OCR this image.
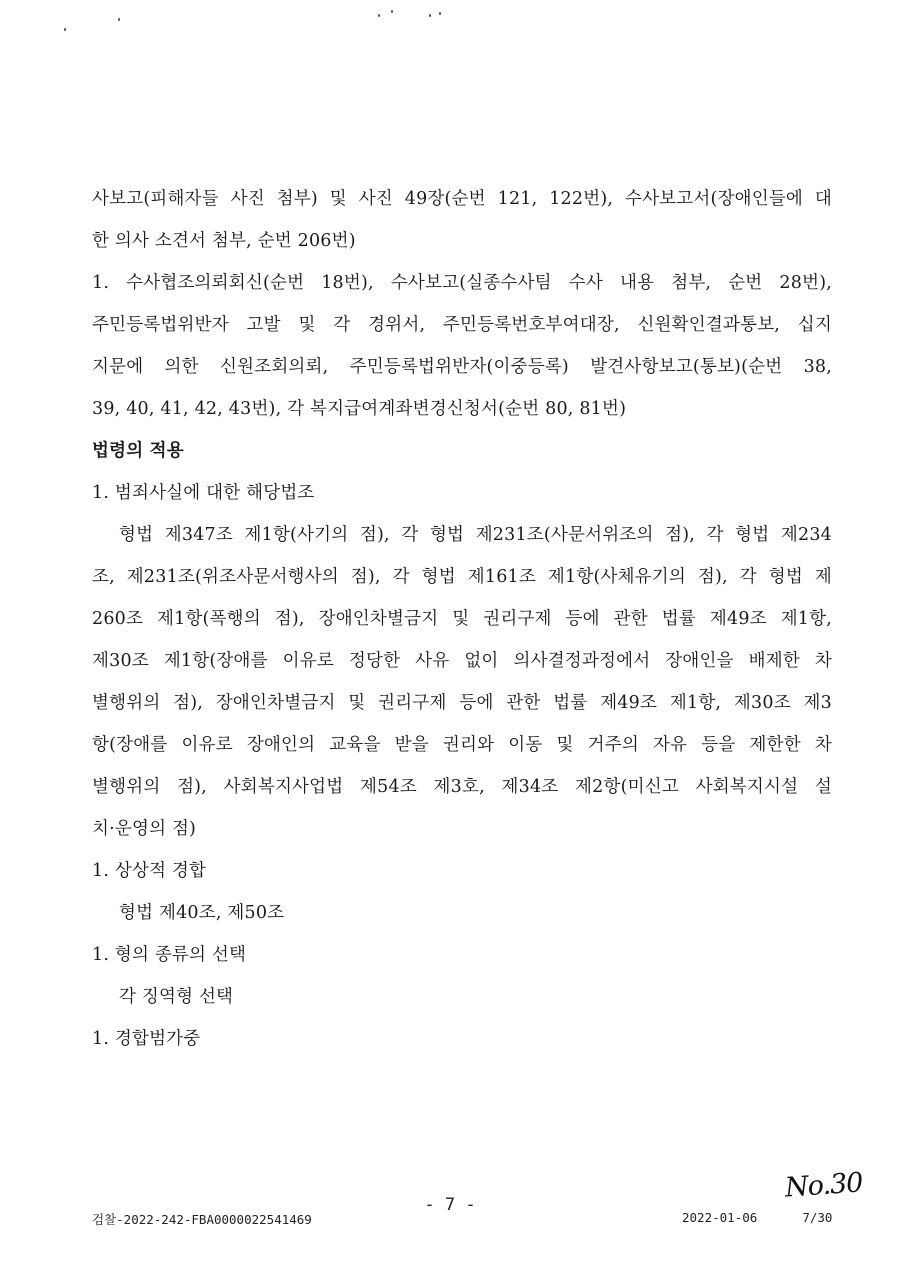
사보고(피해자들 사진 첨부) 및 사진 49장(순번 121, 122번), 수사보고서(장애인들에 대
한 의사 소견서 첨부, 순번 206번)
1. 수사협조의뢰회신(순번 18번), 수사보고(실종수사팀 수사 내용 첨부, 순번 28번),
주민등록법위반자 고발 및 각 경위서, 주민등록번호부여대장, 신원확인결과통보, 십지
지문에 의한 신원조회의뢰, 주민등록법위반자(이중등록) 발견사항보고(통보)(순번 38,
39, 40, 41, 42, 43번), 각 복지급여계좌변경신청서(순번 80, 81번)
법령의 적용
1. 범죄사실에 대한 해당법조
형법 제347조 제1항(사기의 점), 각 형법 제231조(사문서위조의 점), 각 형법 제234
조, 제231조(위조사문서행사의 점), 각 형법 제161조 제1항(사체유기의 점), 각 형법 제
260조 제1항(폭행의 점), 장애인차별금지 및 권리구제 등에 관한 법률 제49조 제1항,
제30조 제1항(장애를 이유로 정당한 사유 없이 의사결정과정에서 장애인을 배제한 차
별행위의 점), 장애인차별금지 및 권리구제 등에 관한 법률 제49조 제1항, 제30조 제3
항(장애를 이유로 장애인의 교육을 받을 권리와 이동 및 거주의 자유 등을 제한한 차
별행위의 점), 사회복지사업법 제54조 제3호, 제34조 제2항(미신고 사회복지시설 설
치·운영의 점)
1. 상상적 경합
형법 제40조, 제50조
1. 형의 종류의 선택
각 징역형 선택
1. 경합범가중
No.30
- 7 -
검찰-2022-242-FBA0000022541469	2022-01-06	7/30
